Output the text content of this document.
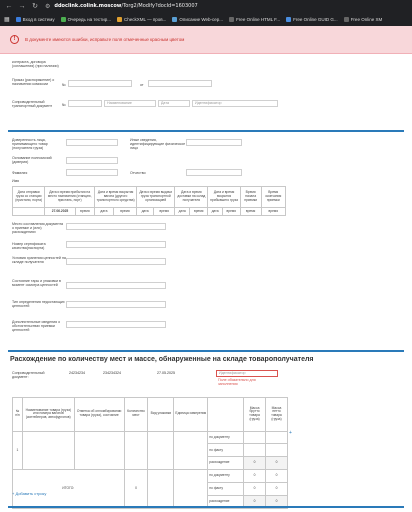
← → ↻ ⚙ ddoclink.colink.moscow/Torg2/Modify?docId=1603007
▦	Вход в систему	Очередь на тестир...	CheckXML — пров...	Описание Web-сер...	Free Online HTML F...	Free Online GUID G...	Free Online XM
!	В документе имеются ошибки, исправьте поля отмеченные красным цветом
контракта, договора (соглашения) (при наличии)
Приказ (распоряжение) о назначении комиссии	№	от
Сопроводительный транспортный документ	№	Наименование	Дата	Идентификатор
Доверенность лица, принимающего товар (получателя груза)
Иные сведения, идентифицирующие физическое лицо
Основание полномочий (доверия)
Фамилия	Отчество
Имя
Дата отправки груза со станции (пристани, порта)	Дата и время прибытия на место назначения (станцию, пристань, порт)		Дата и время вскрытия вагона (другого транспортного средства)		Дата и время выдачи груза транспортной организацией		Дата и время доставки на склад получателя		Дата и время вскрытия прибывшего груза		Время начала приемки	Время окончания приемки
	27.06.2025	время	дата	время	дата	время	дата	время	дата	время	время	время
Место составления документа о приемке и (или) расхождениях
Номер сертификата качества(паспорта)
Условия хранения ценностей на складе получателя
Состояние тары и упаковки в момент осмотра ценностей
Тип определения недостающих ценностей
Дополнительные сведения о обстоятельствах приемки ценностей
Расхождение по количеству мест и массе, обнаруженные на складе товарополучателя
Сопроводительный документ:
24234234	234234324	27.05.2025	Идентификатор
Поле обязательно для заполнения
№ п/п	Наименование товара (груза) или номера вагонов (контейнеров, автофургонов)	Отметка об опломбировании товара (груза), состояние	Количество мест	Вид упаковки	Единица измерения		Масса брутто товара (груза)	Масса нетто товара (груза)
1						по документу		
						по факту		
						расхождение	0	0
ИТОГО:			0			по документу	0	0
						по факту	0	0
						расхождение	0	0
+
+ Добавить строку
